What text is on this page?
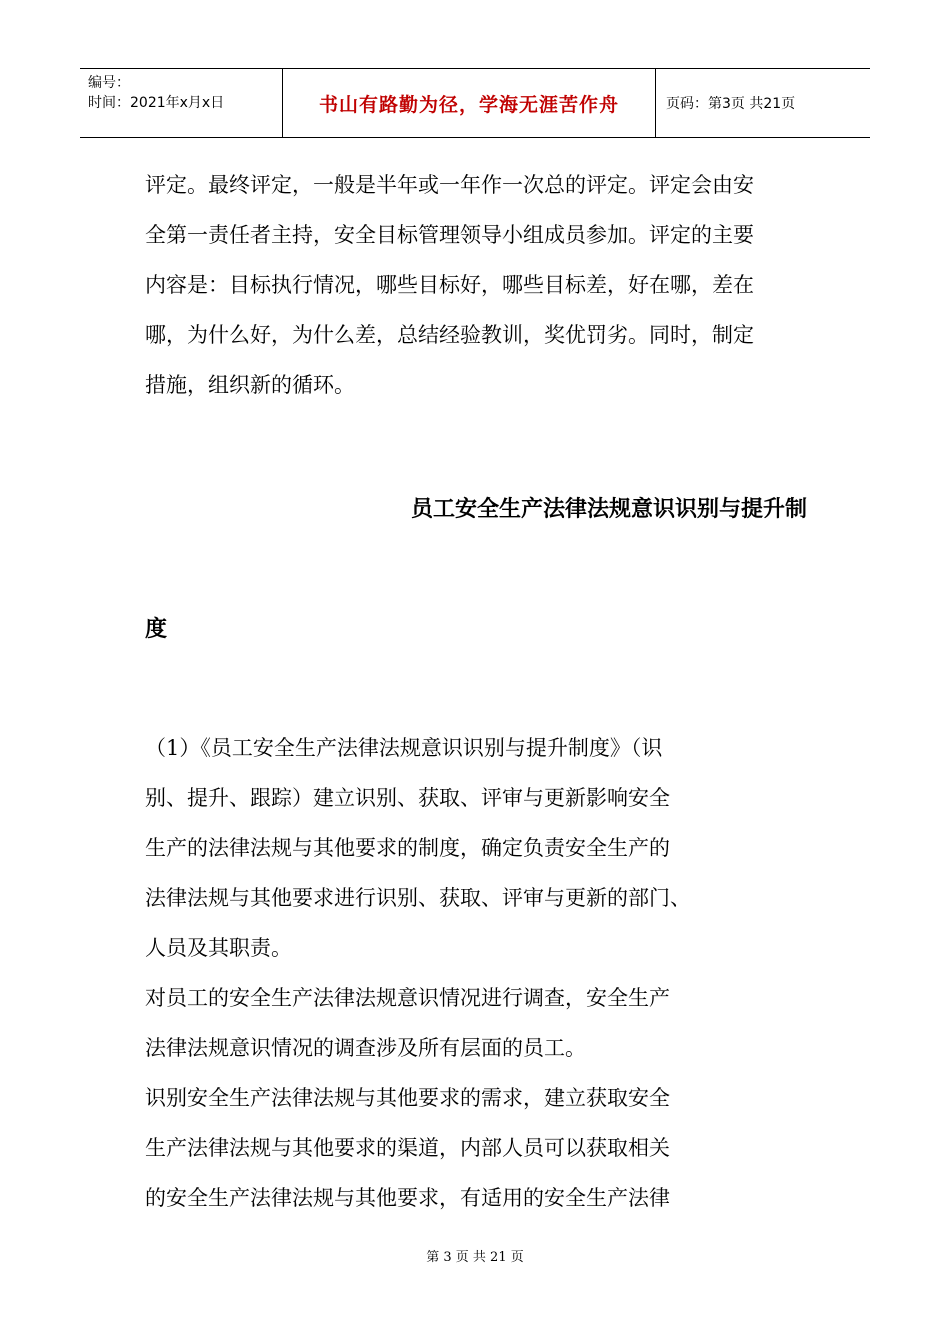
编号：
时间：2021年x月x日	书山有路勤为径，学海无涯苦作舟	页码：第3页 共21页

评定。最终评定，一般是半年或一年作一次总的评定。评定会由安

全第一责任者主持，安全目标管理领导小组成员参加。评定的主要

内容是：目标执行情况，哪些目标好，哪些目标差，好在哪，差在

哪，为什么好，为什么差，总结经验教训，奖优罚劣。同时，制定

措施，组织新的循环。

员工安全生产法律法规意识识别与提升制
度

（1）《员工安全生产法律法规意识识别与提升制度》（识

别、提升、跟踪）建立识别、获取、评审与更新影响安全

生产的法律法规与其他要求的制度，确定负责安全生产的

法律法规与其他要求进行识别、获取、评审与更新的部门、

人员及其职责。

对员工的安全生产法律法规意识情况进行调查，安全生产

法律法规意识情况的调查涉及所有层面的员工。

识别安全生产法律法规与其他要求的需求，建立获取安全

生产法律法规与其他要求的渠道，内部人员可以获取相关

的安全生产法律法规与其他要求，有适用的安全生产法律

第 3 页 共 21 页
